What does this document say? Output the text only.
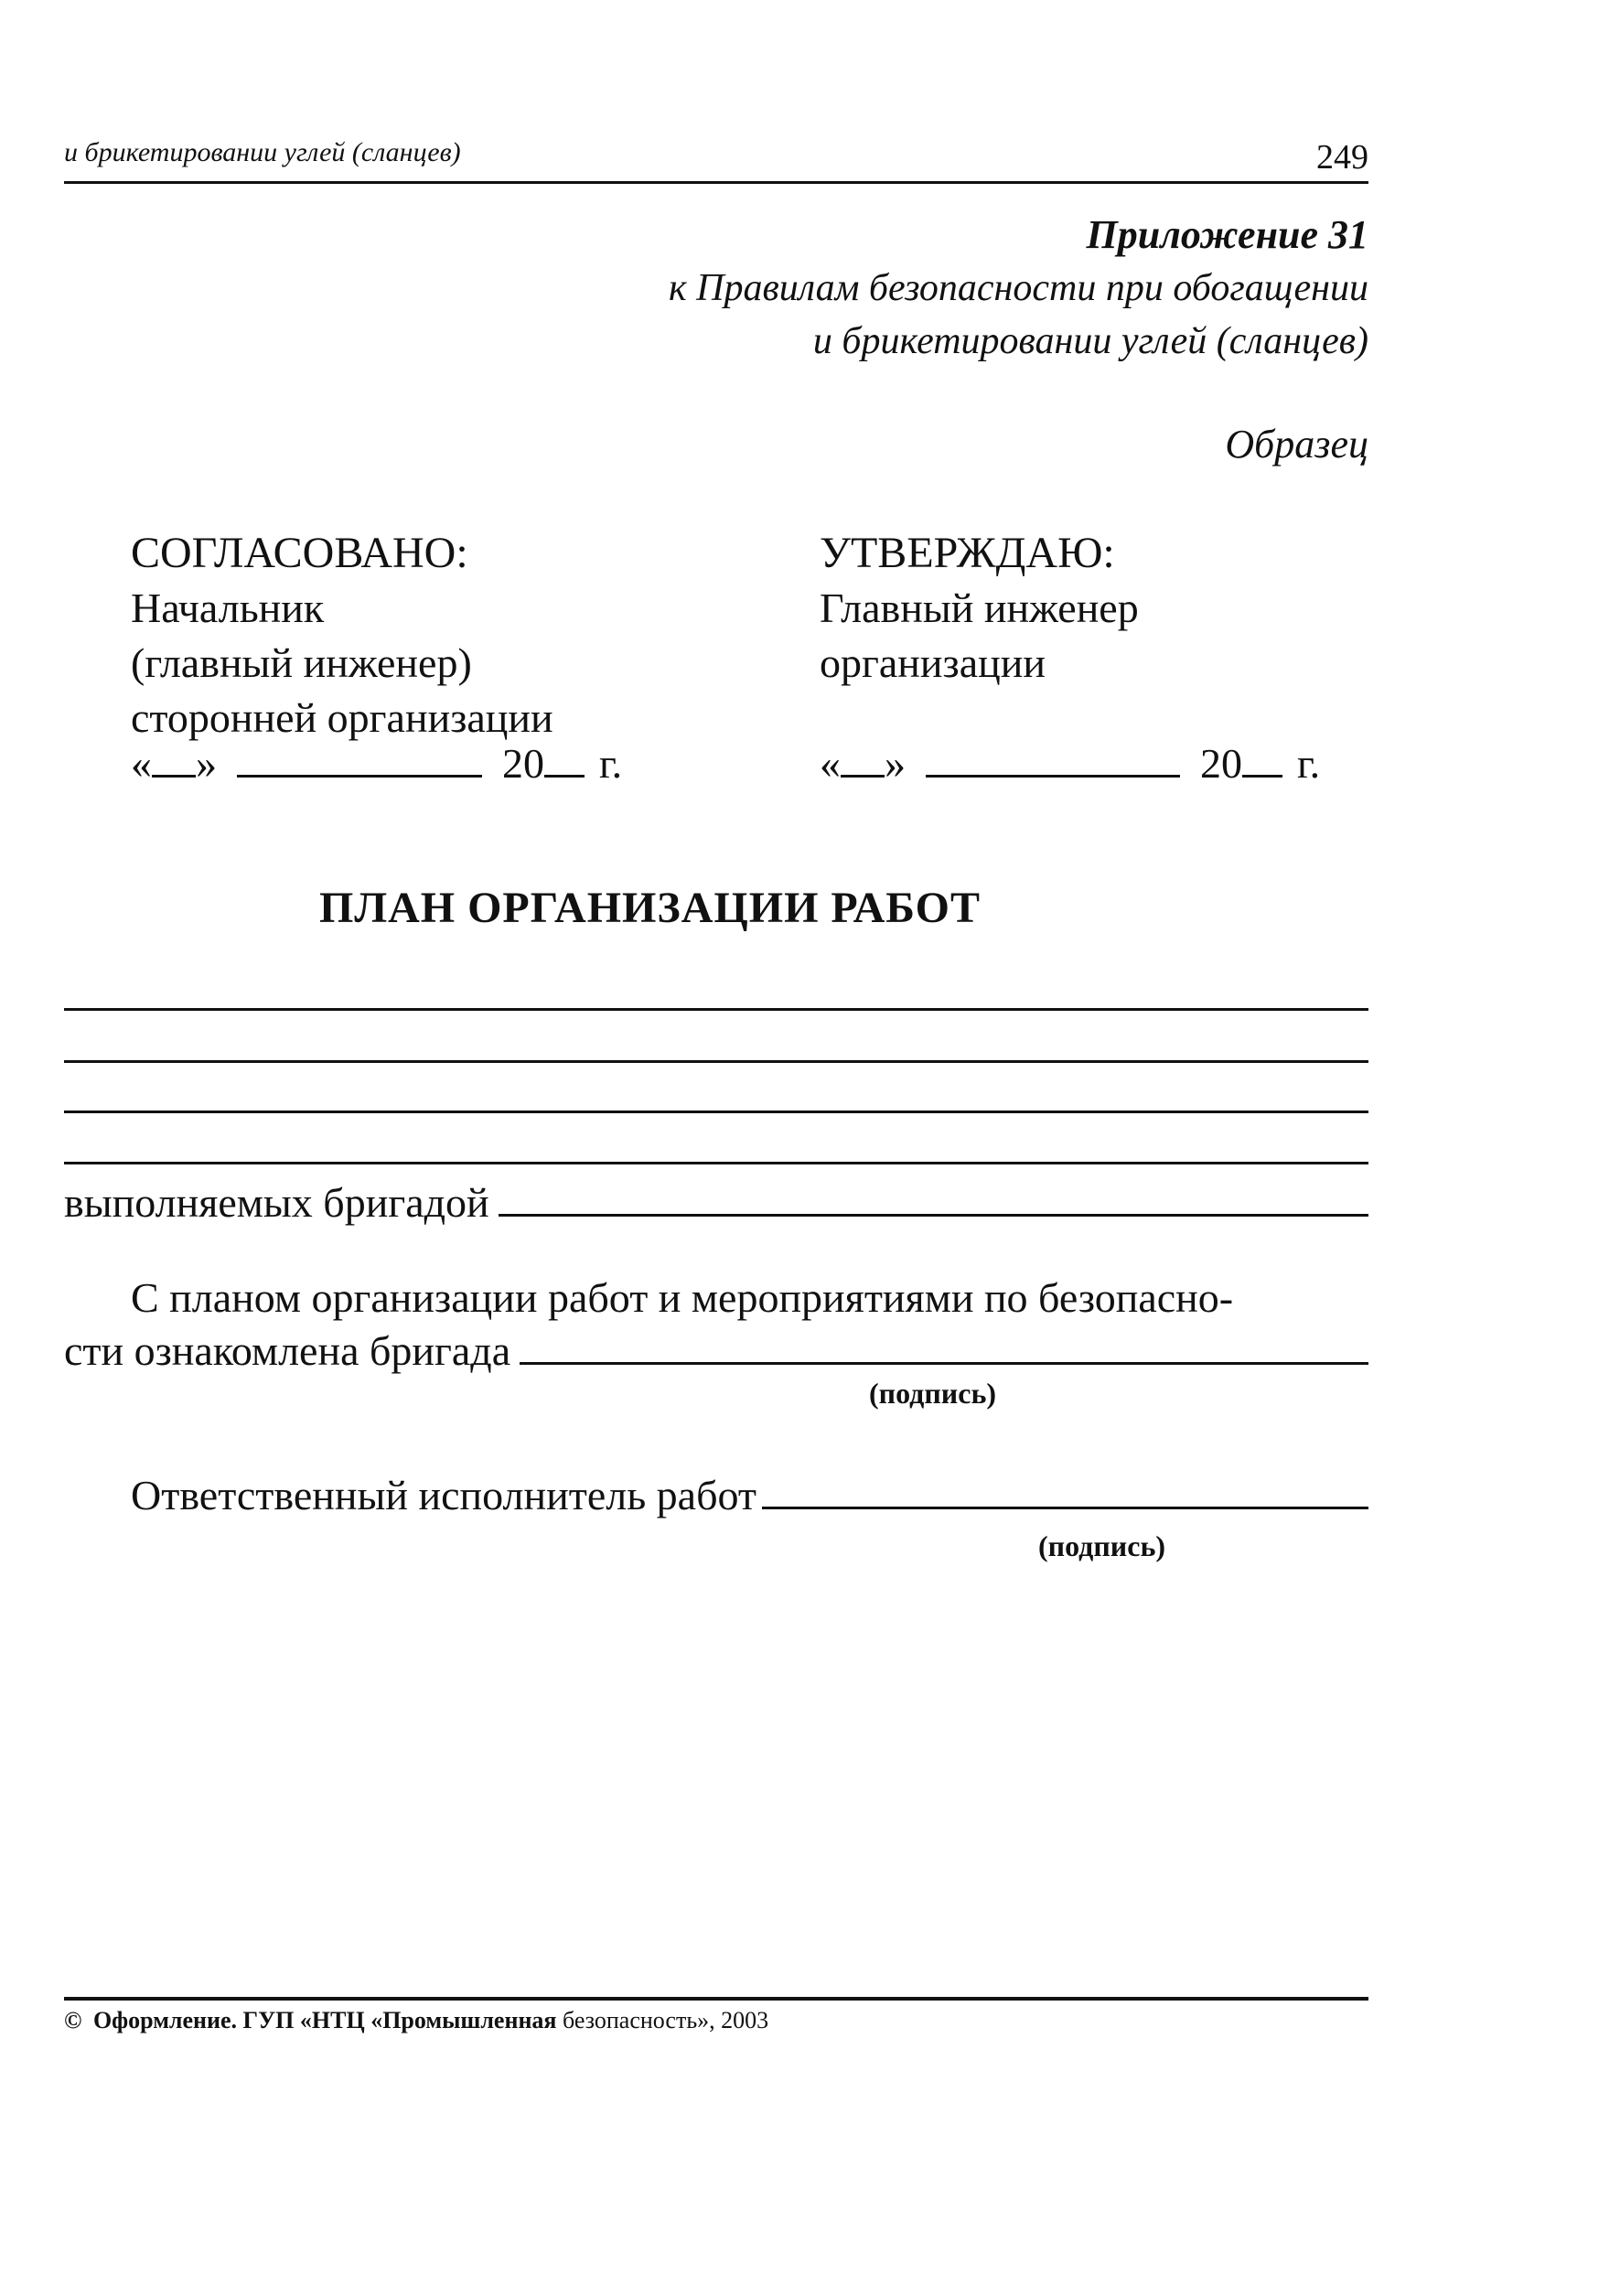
и брикетировании углей (сланцев)	249
Приложение 31
к Правилам безопасности при обогащении
и брикетировании углей (сланцев)
Образец
СОГЛАСОВАНО:
Начальник
(главный инженер)
сторонней организации
« »	20 г.
УТВЕРЖДАЮ:
Главный инженер
организации
« »	20 г.
ПЛАН ОРГАНИЗАЦИИ РАБОТ
выполняемых бригадой
С планом организации работ и мероприятиями по безопасно-
сти ознакомлена бригада
(подпись)
Ответственный исполнитель работ
(подпись)
© Оформление. ГУП «НТЦ «Промышленная безопасность», 2003
